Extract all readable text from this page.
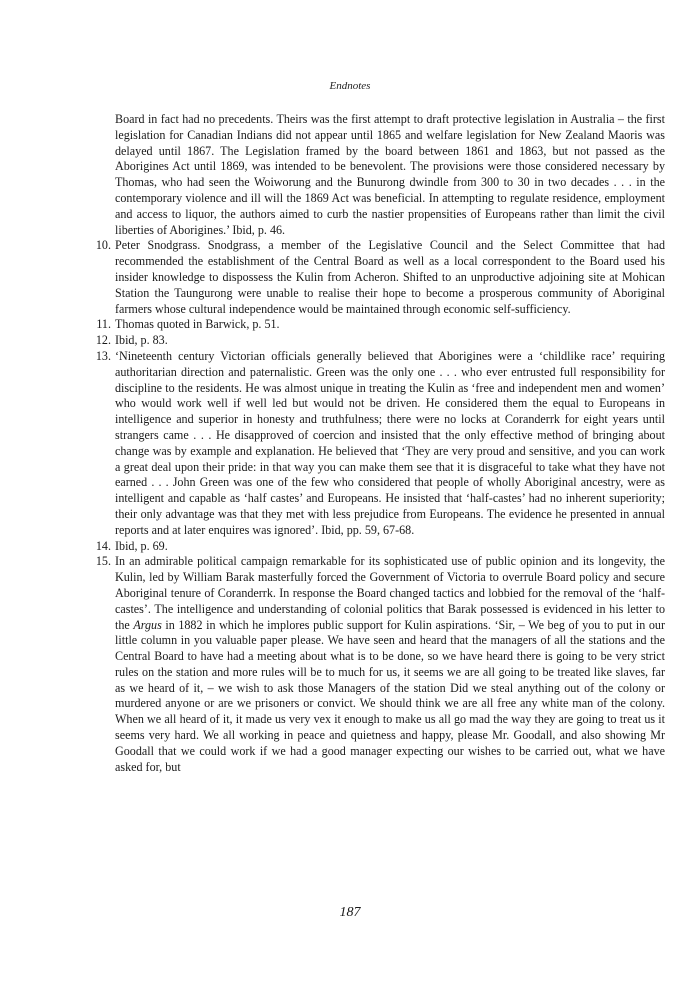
Endnotes

Board in fact had no precedents. Theirs was the first attempt to draft protective legislation in Australia – the first legislation for Canadian Indians did not appear until 1865 and welfare legislation for New Zealand Maoris was delayed until 1867. The Legislation framed by the board between 1861 and 1863, but not passed as the Aborigines Act until 1869, was intended to be benevolent. The provisions were those considered necessary by Thomas, who had seen the Woiworung and the Bunurong dwindle from 300 to 30 in two decades . . . in the contemporary violence and ill will the 1869 Act was beneficial. In attempting to regulate residence, employment and access to liquor, the authors aimed to curb the nastier propensities of Europeans rather than limit the civil liberties of Aborigines.’ Ibid, p. 46.

10. Peter Snodgrass. Snodgrass, a member of the Legislative Council and the Select Committee that had recommended the establishment of the Central Board as well as a local correspondent to the Board used his insider knowledge to dispossess the Kulin from Acheron. Shifted to an unproductive adjoining site at Mohican Station the Taungurong were unable to realise their hope to become a prosperous community of Aboriginal farmers whose cultural independence would be maintained through economic self-sufficiency.
11. Thomas quoted in Barwick, p. 51.
12. Ibid, p. 83.
13. ‘Nineteenth century Victorian officials generally believed that Aborigines were a ‘childlike race’ requiring authoritarian direction and paternalistic. Green was the only one . . . who ever entrusted full responsibility for discipline to the residents. He was almost unique in treating the Kulin as ‘free and independent men and women’ who would work well if well led but would not be driven. He considered them the equal to Europeans in intelligence and superior in honesty and truthfulness; there were no locks at Coranderrk for eight years until strangers came . . . He disapproved of coercion and insisted that the only effective method of bringing about change was by example and explanation. He believed that ‘They are very proud and sensitive, and you can work a great deal upon their pride: in that way you can make them see that it is disgraceful to take what they have not earned . . . John Green was one of the few who considered that people of wholly Aboriginal ancestry, were as intelligent and capable as ‘half castes’ and Europeans. He insisted that ‘half-castes’ had no inherent superiority; their only advantage was that they met with less prejudice from Europeans. The evidence he presented in annual reports and at later enquires was ignored’. Ibid, pp. 59, 67-68.
14. Ibid, p. 69.
15. In an admirable political campaign remarkable for its sophisticated use of public opinion and its longevity, the Kulin, led by William Barak masterfully forced the Government of Victoria to overrule Board policy and secure Aboriginal tenure of Coranderrk. In response the Board changed tactics and lobbied for the removal of the ‘half-castes’. The intelligence and understanding of colonial politics that Barak possessed is evidenced in his letter to the Argus in 1882 in which he implores public support for Kulin aspirations. ‘Sir, – We beg of you to put in our little column in you valuable paper please. We have seen and heard that the managers of all the stations and the Central Board to have had a meeting about what is to be done, so we have heard there is going to be very strict rules on the station and more rules will be to much for us, it seems we are all going to be treated like slaves, far as we heard of it, – we wish to ask those Managers of the station Did we steal anything out of the colony or murdered anyone or are we prisoners or convict. We should think we are all free any white man of the colony. When we all heard of it, it made us very vex it enough to make us all go mad the way they are going to treat us it seems very hard. We all working in peace and quietness and happy, please Mr. Goodall, and also showing Mr Goodall that we could work if we had a good manager expecting our wishes to be carried out, what we have asked for, but
187
